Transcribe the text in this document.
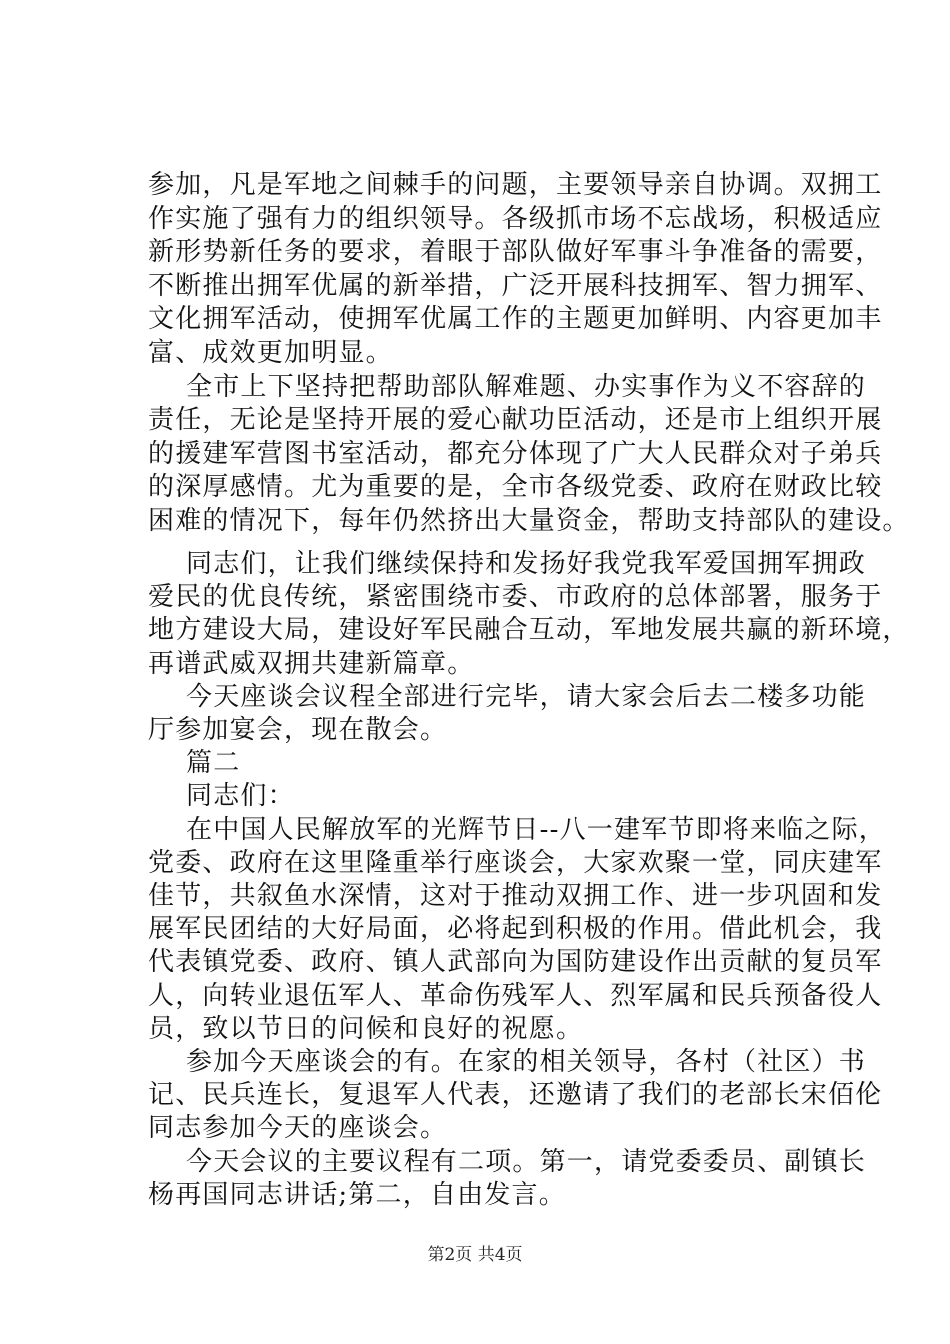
参加，凡是军地之间棘手的问题，主要领导亲自协调。双拥工
作实施了强有力的组织领导。各级抓市场不忘战场，积极适应
新形势新任务的要求，着眼于部队做好军事斗争准备的需要，
不断推出拥军优属的新举措，广泛开展科技拥军、智力拥军、
文化拥军活动，使拥军优属工作的主题更加鲜明、内容更加丰
富、成效更加明显。
全市上下坚持把帮助部队解难题、办实事作为义不容辞的
责任，无论是坚持开展的爱心献功臣活动，还是市上组织开展
的援建军营图书室活动，都充分体现了广大人民群众对子弟兵
的深厚感情。尤为重要的是，全市各级党委、政府在财政比较
困难的情况下，每年仍然挤出大量资金，帮助支持部队的建设。
同志们，让我们继续保持和发扬好我党我军爱国拥军拥政
爱民的优良传统，紧密围绕市委、市政府的总体部署，服务于
地方建设大局，建设好军民融合互动，军地发展共赢的新环境，
再谱武威双拥共建新篇章。
今天座谈会议程全部进行完毕，请大家会后去二楼多功能
厅参加宴会，现在散会。
篇二
同志们：
在中国人民解放军的光辉节日--八一建军节即将来临之际，
党委、政府在这里隆重举行座谈会，大家欢聚一堂，同庆建军
佳节，共叙鱼水深情，这对于推动双拥工作、进一步巩固和发
展军民团结的大好局面，必将起到积极的作用。借此机会，我
代表镇党委、政府、镇人武部向为国防建设作出贡献的复员军
人，向转业退伍军人、革命伤残军人、烈军属和民兵预备役人
员，致以节日的问候和良好的祝愿。
参加今天座谈会的有。在家的相关领导，各村（社区）书
记、民兵连长，复退军人代表，还邀请了我们的老部长宋佰伦
同志参加今天的座谈会。
今天会议的主要议程有二项。第一，请党委委员、副镇长
杨再国同志讲话;第二，自由发言。
第2页 共4页
